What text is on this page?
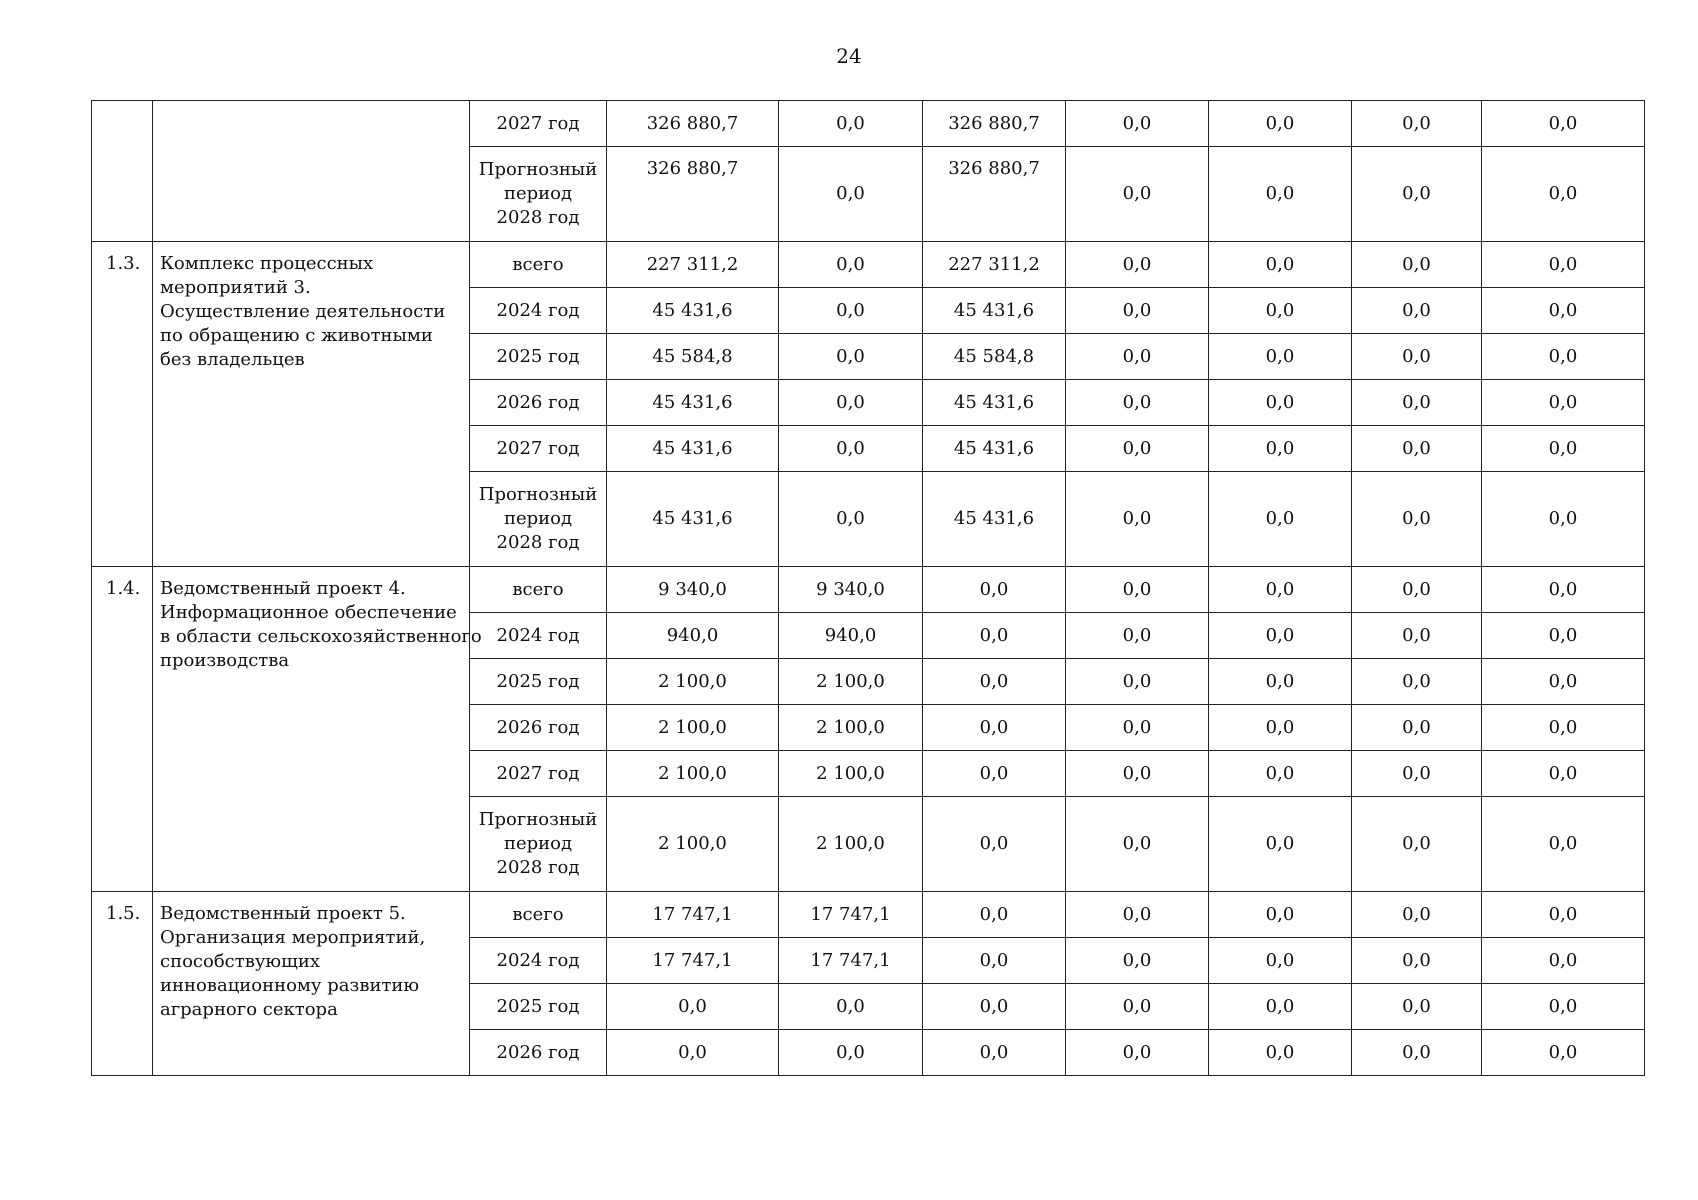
24

		2027 год	326 880,7	0,0	326 880,7	0,0	0,0	0,0	0,0

		Прогнозный
период
2028 год	326 880,7	0,0	326 880,7	0,0	0,0	0,0	0,0
1.3.	Комплекс процессных
мероприятий 3.
Осуществление деятельности
по обращению с животными
без владельцев	всего	227 311,2	0,0	227 311,2	0,0	0,0	0,0	0,0

		2024 год	45 431,6	0,0	45 431,6	0,0	0,0	0,0	0,0

		2025 год	45 584,8	0,0	45 584,8	0,0	0,0	0,0	0,0

		2026 год	45 431,6	0,0	45 431,6	0,0	0,0	0,0	0,0

		2027 год	45 431,6	0,0	45 431,6	0,0	0,0	0,0	0,0

		Прогнозный
период
2028 год	45 431,6	0,0	45 431,6	0,0	0,0	0,0	0,0
1.4.	Ведомственный проект 4.
Информационное обеспечение
в области сельскохозяйственного
производства	всего	9 340,0	9 340,0	0,0	0,0	0,0	0,0	0,0

		2024 год	940,0	940,0	0,0	0,0	0,0	0,0	0,0

		2025 год	2 100,0	2 100,0	0,0	0,0	0,0	0,0	0,0

		2026 год	2 100,0	2 100,0	0,0	0,0	0,0	0,0	0,0

		2027 год	2 100,0	2 100,0	0,0	0,0	0,0	0,0	0,0

		Прогнозный
период
2028 год	2 100,0	2 100,0	0,0	0,0	0,0	0,0	0,0
1.5.	Ведомственный проект 5.
Организация мероприятий,
способствующих
инновационному развитию
аграрного сектора	всего	17 747,1	17 747,1	0,0	0,0	0,0	0,0	0,0

		2024 год	17 747,1	17 747,1	0,0	0,0	0,0	0,0	0,0

		2025 год	0,0	0,0	0,0	0,0	0,0	0,0	0,0

		2026 год	0,0	0,0	0,0	0,0	0,0	0,0	0,0
